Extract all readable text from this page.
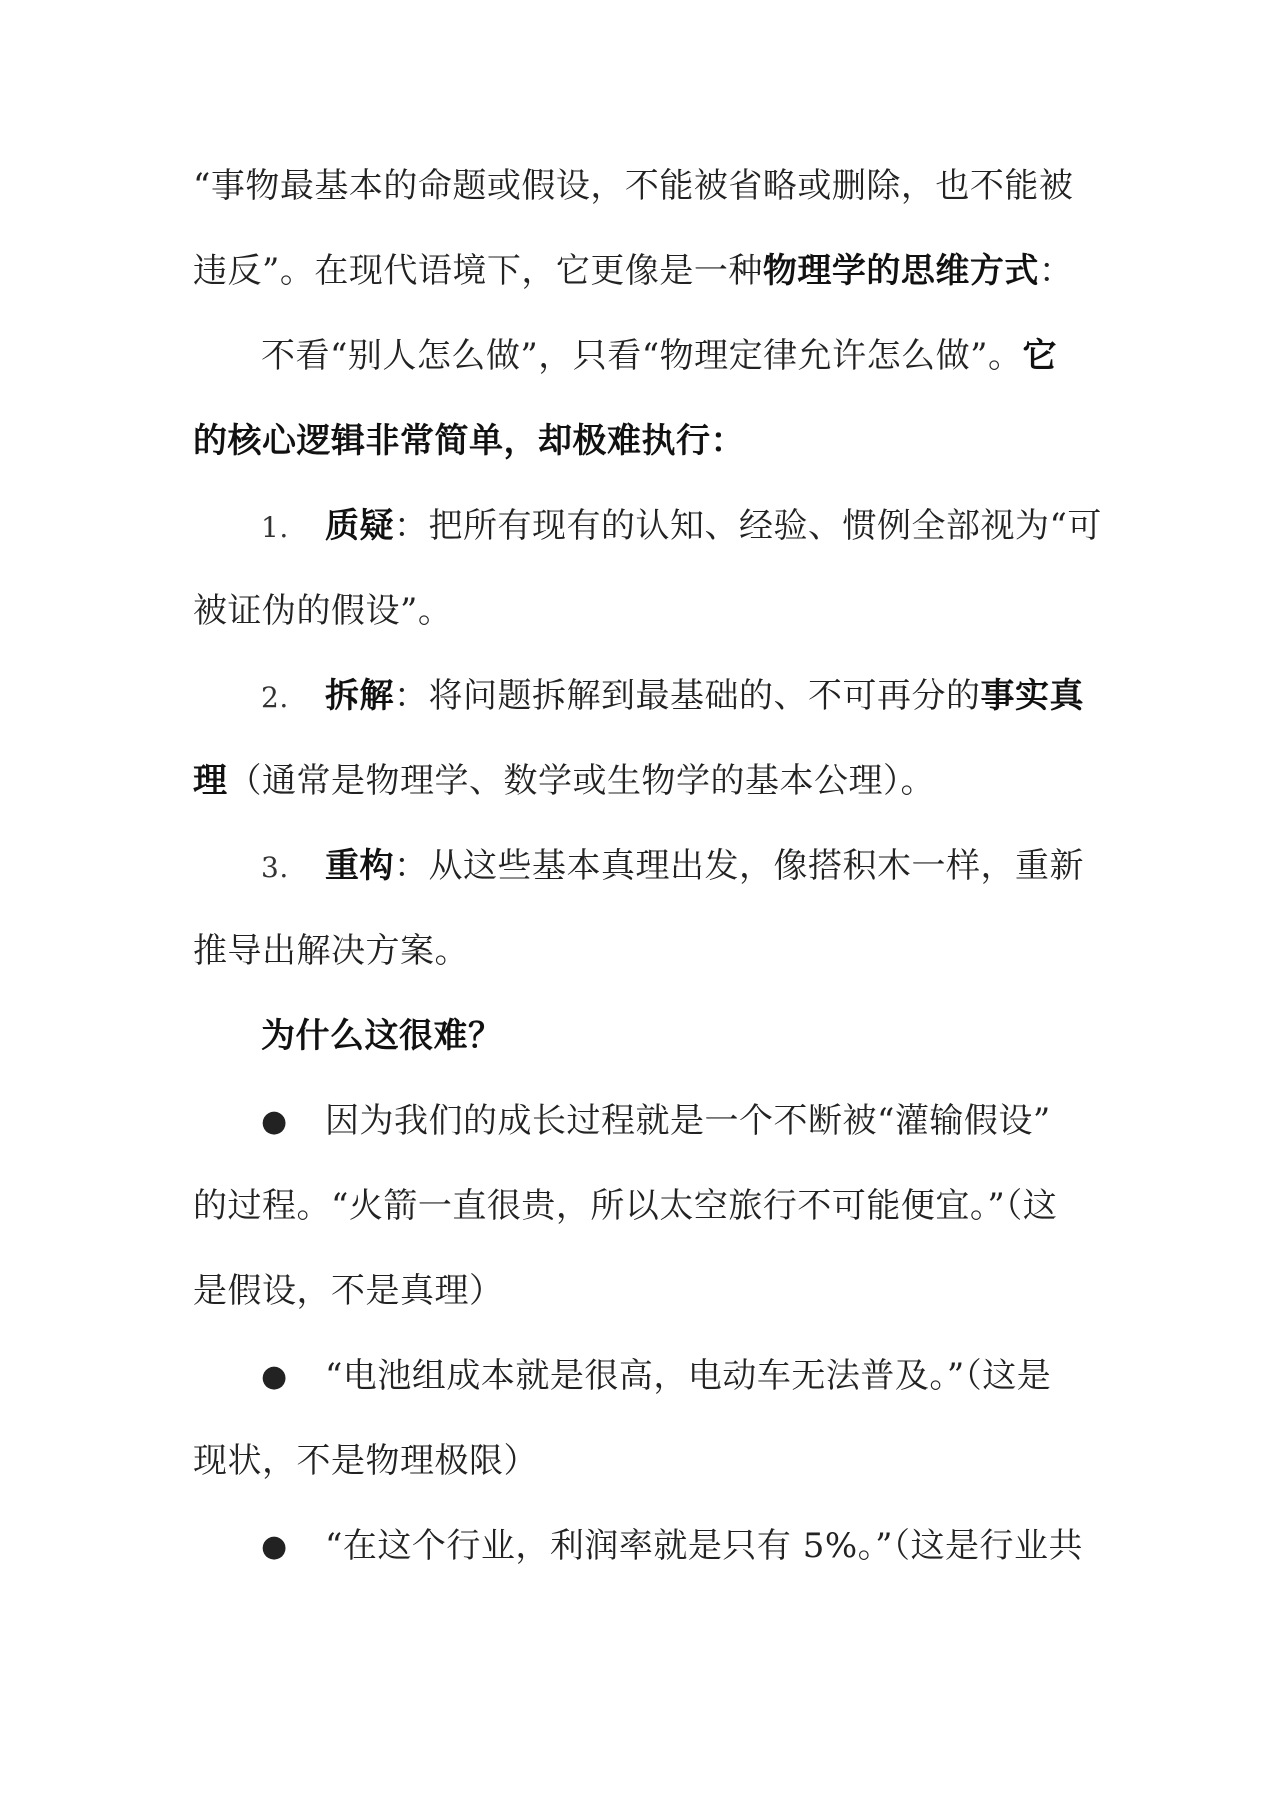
“事物最基本的命题或假设，不能被省略或删除，也不能被
违反”。在现代语境下，它更像是一种物理学的思维方式：
不看“别人怎么做”，只看“物理定律允许怎么做”。它
的核心逻辑非常简单，却极难执行：
1. 质疑：把所有现有的认知、经验、惯例全部视为“可
被证伪的假设”。
2. 拆解：将问题拆解到最基础的、不可再分的事实真
理（通常是物理学、数学或生物学的基本公理）。
3. 重构：从这些基本真理出发，像搭积木一样，重新
推导出解决方案。
为什么这很难？
● 因为我们的成长过程就是一个不断被“灌输假设”
的过程。“火箭一直很贵，所以太空旅行不可能便宜。”（这
是假设，不是真理）
● “电池组成本就是很高，电动车无法普及。”（这是
现状，不是物理极限）
● “在这个行业，利润率就是只有 5%。”（这是行业共
